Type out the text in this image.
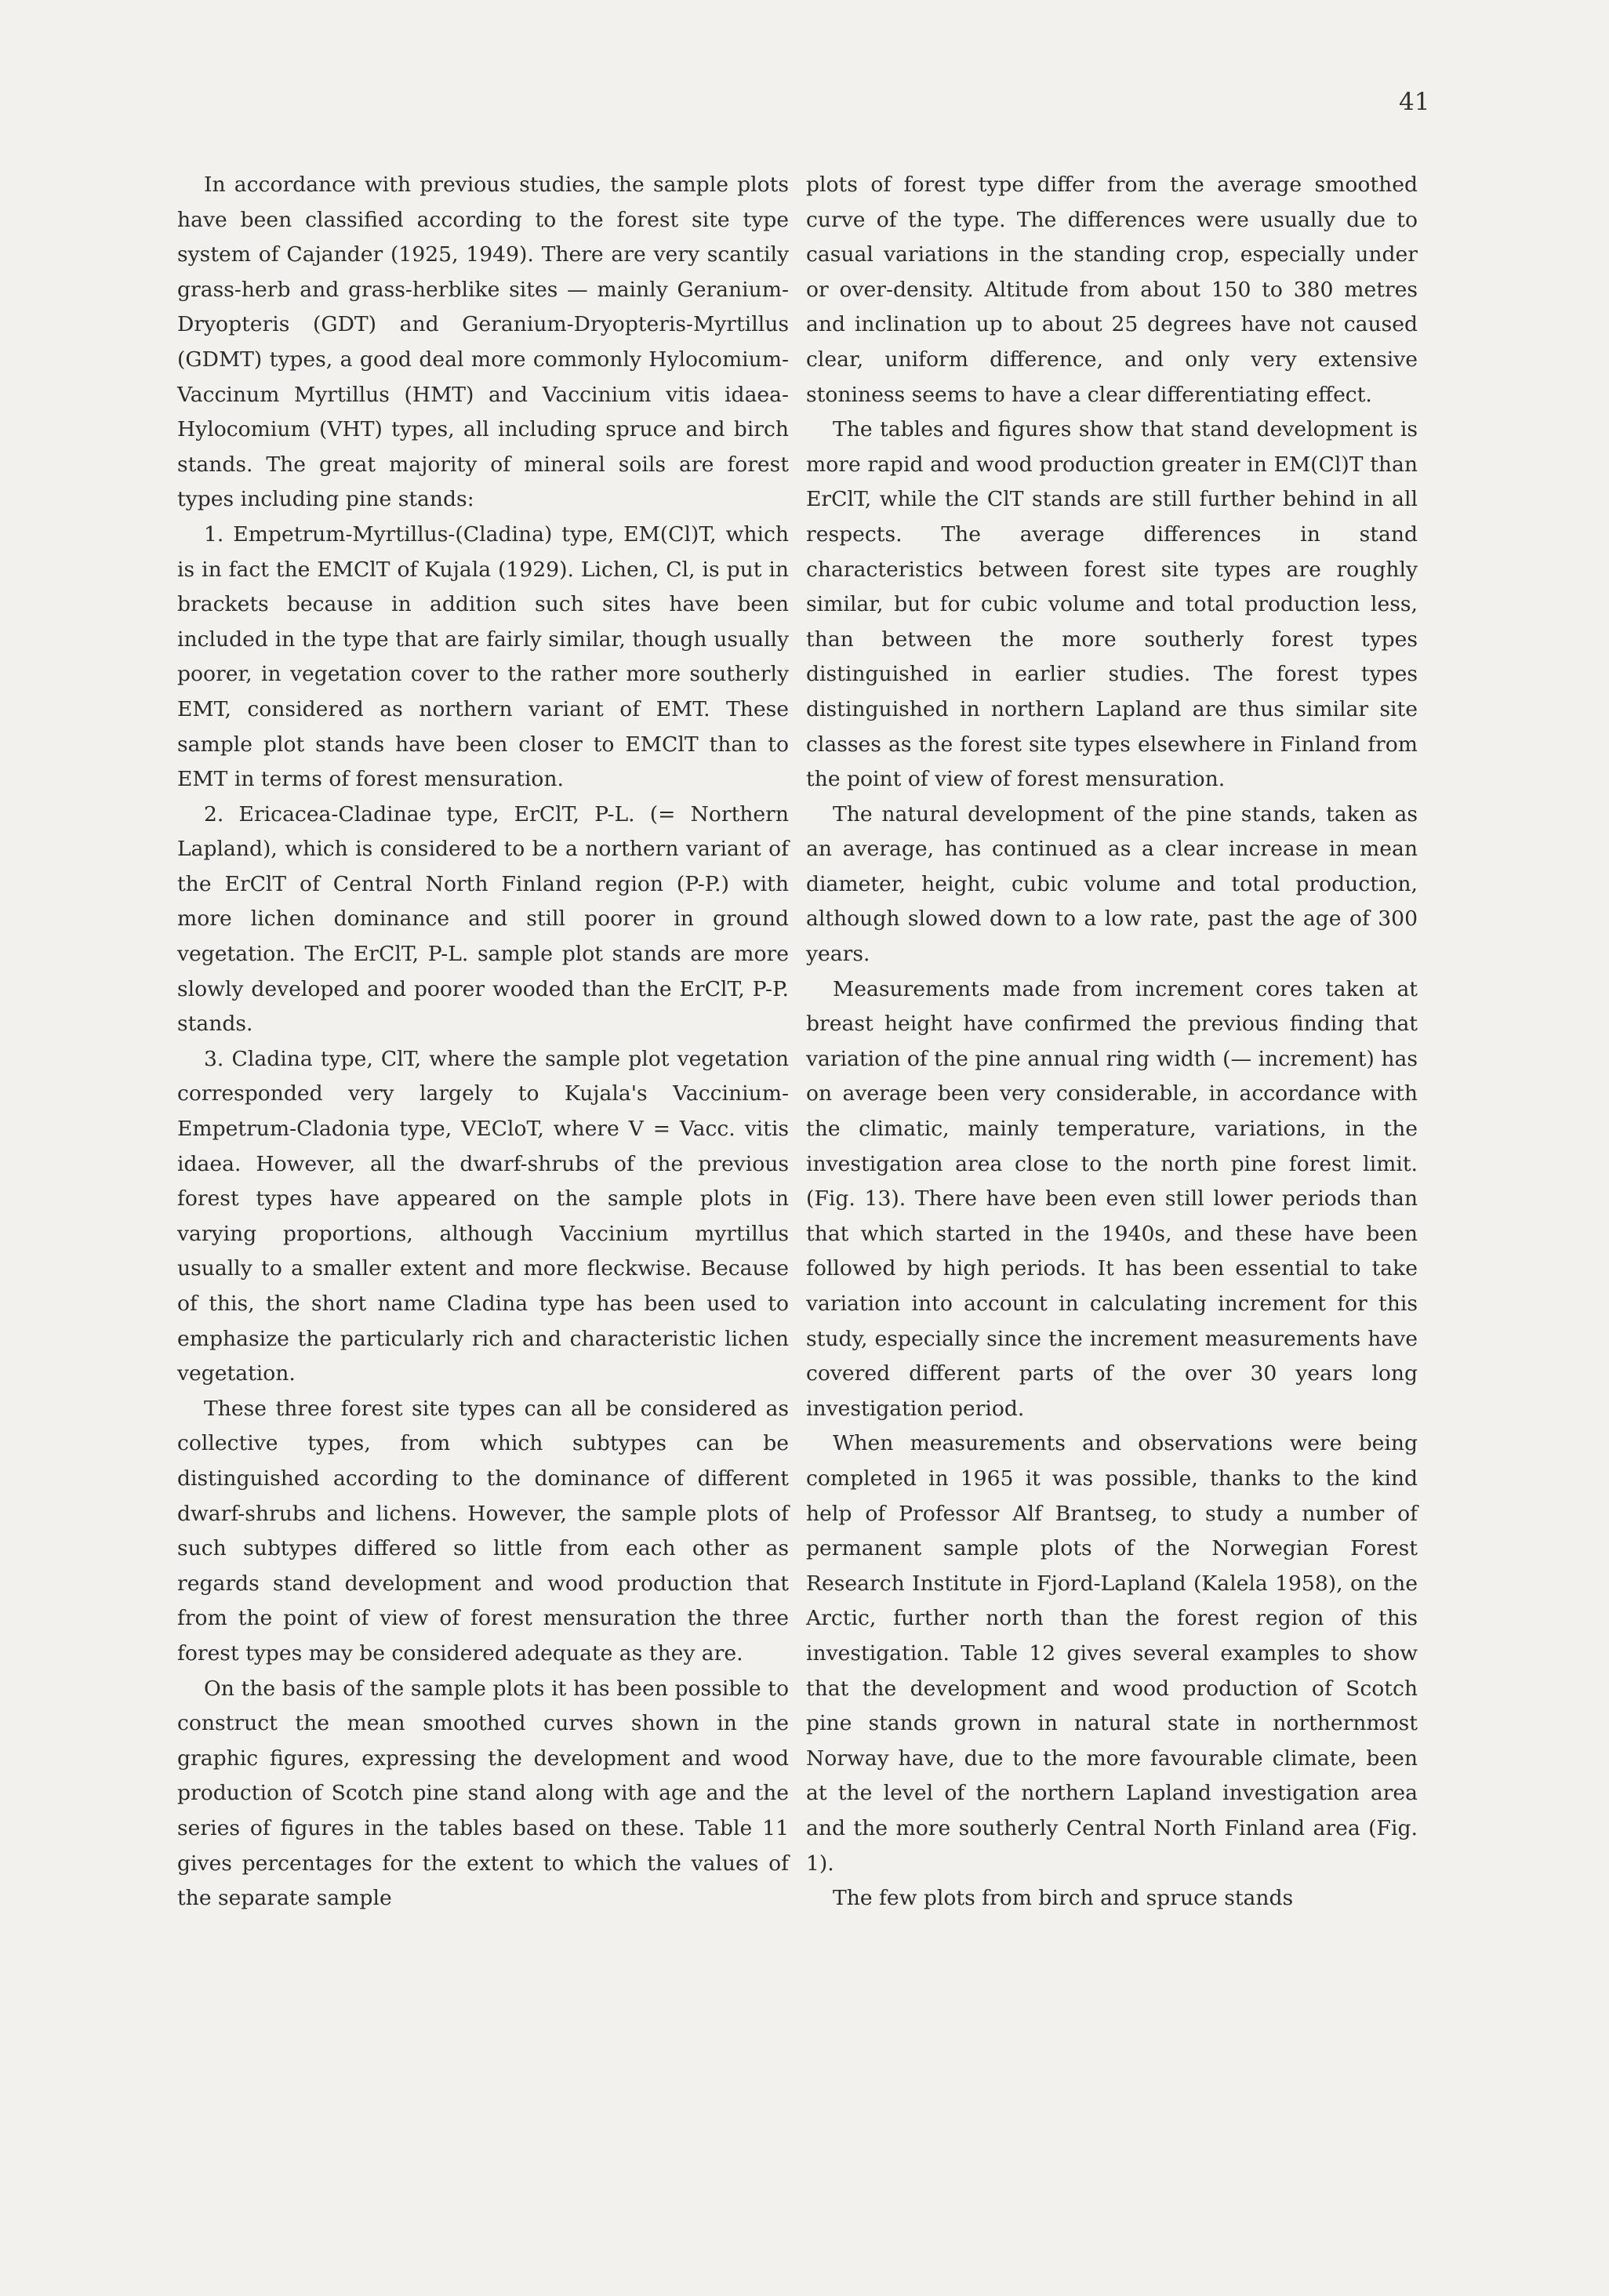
41

In accordance with previous studies, the sample plots have been classified according to the forest site type system of Cajander (1925, 1949). There are very scantily grass-herb and grass-herblike sites — mainly Geranium-Dryopteris (GDT) and Geranium-Dryopteris-Myrtillus (GDMT) types, a good deal more commonly Hylocomium-Vaccinum Myrtillus (HMT) and Vaccinium vitis idaea-Hylocomium (VHT) types, all including spruce and birch stands. The great majority of mineral soils are forest types including pine stands:

1. Empetrum-Myrtillus-(Cladina) type, EM(Cl)T, which is in fact the EMClT of Kujala (1929). Lichen, Cl, is put in brackets because in addition such sites have been included in the type that are fairly similar, though usually poorer, in vegetation cover to the rather more southerly EMT, considered as northern variant of EMT. These sample plot stands have been closer to EMClT than to EMT in terms of forest mensuration.

2. Ericacea-Cladinae type, ErClT, P-L. (= Northern Lapland), which is considered to be a northern variant of the ErClT of Central North Finland region (P-P.) with more lichen dominance and still poorer in ground vegetation. The ErClT, P-L. sample plot stands are more slowly developed and poorer wooded than the ErClT, P-P. stands.

3. Cladina type, ClT, where the sample plot vegetation corresponded very largely to Kujala's Vaccinium-Empetrum-Cladonia type, VECloT, where V = Vacc. vitis idaea. However, all the dwarf-shrubs of the previous forest types have appeared on the sample plots in varying proportions, although Vaccinium myrtillus usually to a smaller extent and more fleckwise. Because of this, the short name Cladina type has been used to emphasize the particularly rich and characteristic lichen vegetation.

These three forest site types can all be considered as collective types, from which subtypes can be distinguished according to the dominance of different dwarf-shrubs and lichens. However, the sample plots of such subtypes differed so little from each other as regards stand development and wood production that from the point of view of forest mensuration the three forest types may be considered adequate as they are.

On the basis of the sample plots it has been possible to construct the mean smoothed curves shown in the graphic figures, expressing the development and wood production of Scotch pine stand along with age and the series of figures in the tables based on these. Table 11 gives percentages for the extent to which the values of the separate sample

plots of forest type differ from the average smoothed curve of the type. The differences were usually due to casual variations in the standing crop, especially under or over-density. Altitude from about 150 to 380 metres and inclination up to about 25 degrees have not caused clear, uniform difference, and only very extensive stoniness seems to have a clear differentiating effect.

The tables and figures show that stand development is more rapid and wood production greater in EM(Cl)T than ErClT, while the ClT stands are still further behind in all respects. The average differences in stand characteristics between forest site types are roughly similar, but for cubic volume and total production less, than between the more southerly forest types distinguished in earlier studies. The forest types distinguished in northern Lapland are thus similar site classes as the forest site types elsewhere in Finland from the point of view of forest mensuration.

The natural development of the pine stands, taken as an average, has continued as a clear increase in mean diameter, height, cubic volume and total production, although slowed down to a low rate, past the age of 300 years.

Measurements made from increment cores taken at breast height have confirmed the previous finding that variation of the pine annual ring width (— increment) has on average been very considerable, in accordance with the climatic, mainly temperature, variations, in the investigation area close to the north pine forest limit. (Fig. 13). There have been even still lower periods than that which started in the 1940s, and these have been followed by high periods. It has been essential to take variation into account in calculating increment for this study, especially since the increment measurements have covered different parts of the over 30 years long investigation period.

When measurements and observations were being completed in 1965 it was possible, thanks to the kind help of Professor Alf Brantseg, to study a number of permanent sample plots of the Norwegian Forest Research Institute in Fjord-Lapland (Kalela 1958), on the Arctic, further north than the forest region of this investigation. Table 12 gives several examples to show that the development and wood production of Scotch pine stands grown in natural state in northernmost Norway have, due to the more favourable climate, been at the level of the northern Lapland investigation area and the more southerly Central North Finland area (Fig. 1).

The few plots from birch and spruce stands
